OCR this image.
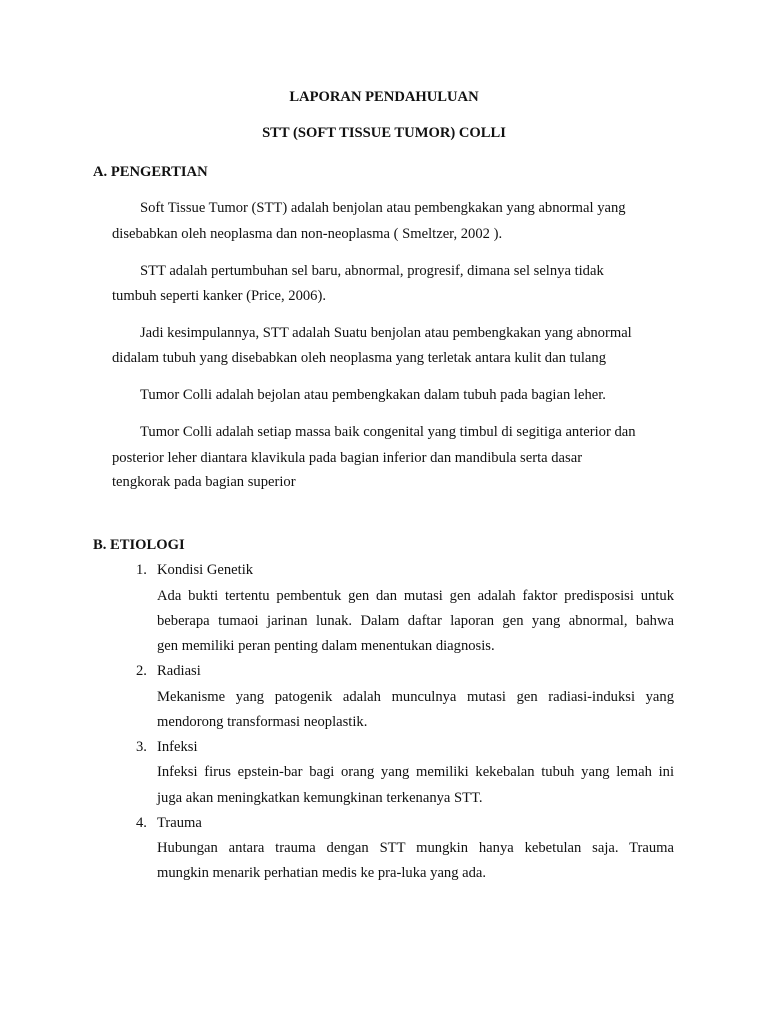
LAPORAN PENDAHULUAN
STT (SOFT TISSUE TUMOR) COLLI
A. PENGERTIAN
Soft Tissue Tumor (STT) adalah benjolan atau pembengkakan yang abnormal yang
disebabkan oleh neoplasma dan non-neoplasma ( Smeltzer, 2002 ).
STT adalah pertumbuhan sel baru, abnormal, progresif, dimana sel selnya tidak
tumbuh seperti kanker (Price, 2006).
Jadi kesimpulannya, STT adalah Suatu benjolan atau pembengkakan yang abnormal
didalam tubuh yang disebabkan oleh neoplasma yang terletak antara kulit dan tulang
Tumor Colli adalah bejolan atau pembengkakan dalam tubuh pada bagian leher.
Tumor Colli adalah setiap massa baik congenital yang timbul di segitiga anterior dan
posterior leher diantara klavikula pada bagian inferior dan mandibula serta dasar
tengkorak pada bagian superior
B. ETIOLOGI
1. Kondisi Genetik
Ada bukti tertentu pembentuk gen dan mutasi gen adalah faktor predisposisi untuk
beberapa tumaoi jarinan lunak. Dalam daftar laporan gen yang abnormal, bahwa
gen memiliki peran penting dalam menentukan diagnosis.
2. Radiasi
Mekanisme yang patogenik adalah munculnya mutasi gen radiasi-induksi yang
mendorong transformasi neoplastik.
3. Infeksi
Infeksi firus epstein-bar bagi orang yang memiliki kekebalan tubuh yang lemah ini
juga akan meningkatkan kemungkinan terkenanya STT.
4. Trauma
Hubungan antara trauma dengan STT mungkin hanya kebetulan saja. Trauma
mungkin menarik perhatian medis ke pra-luka yang ada.
